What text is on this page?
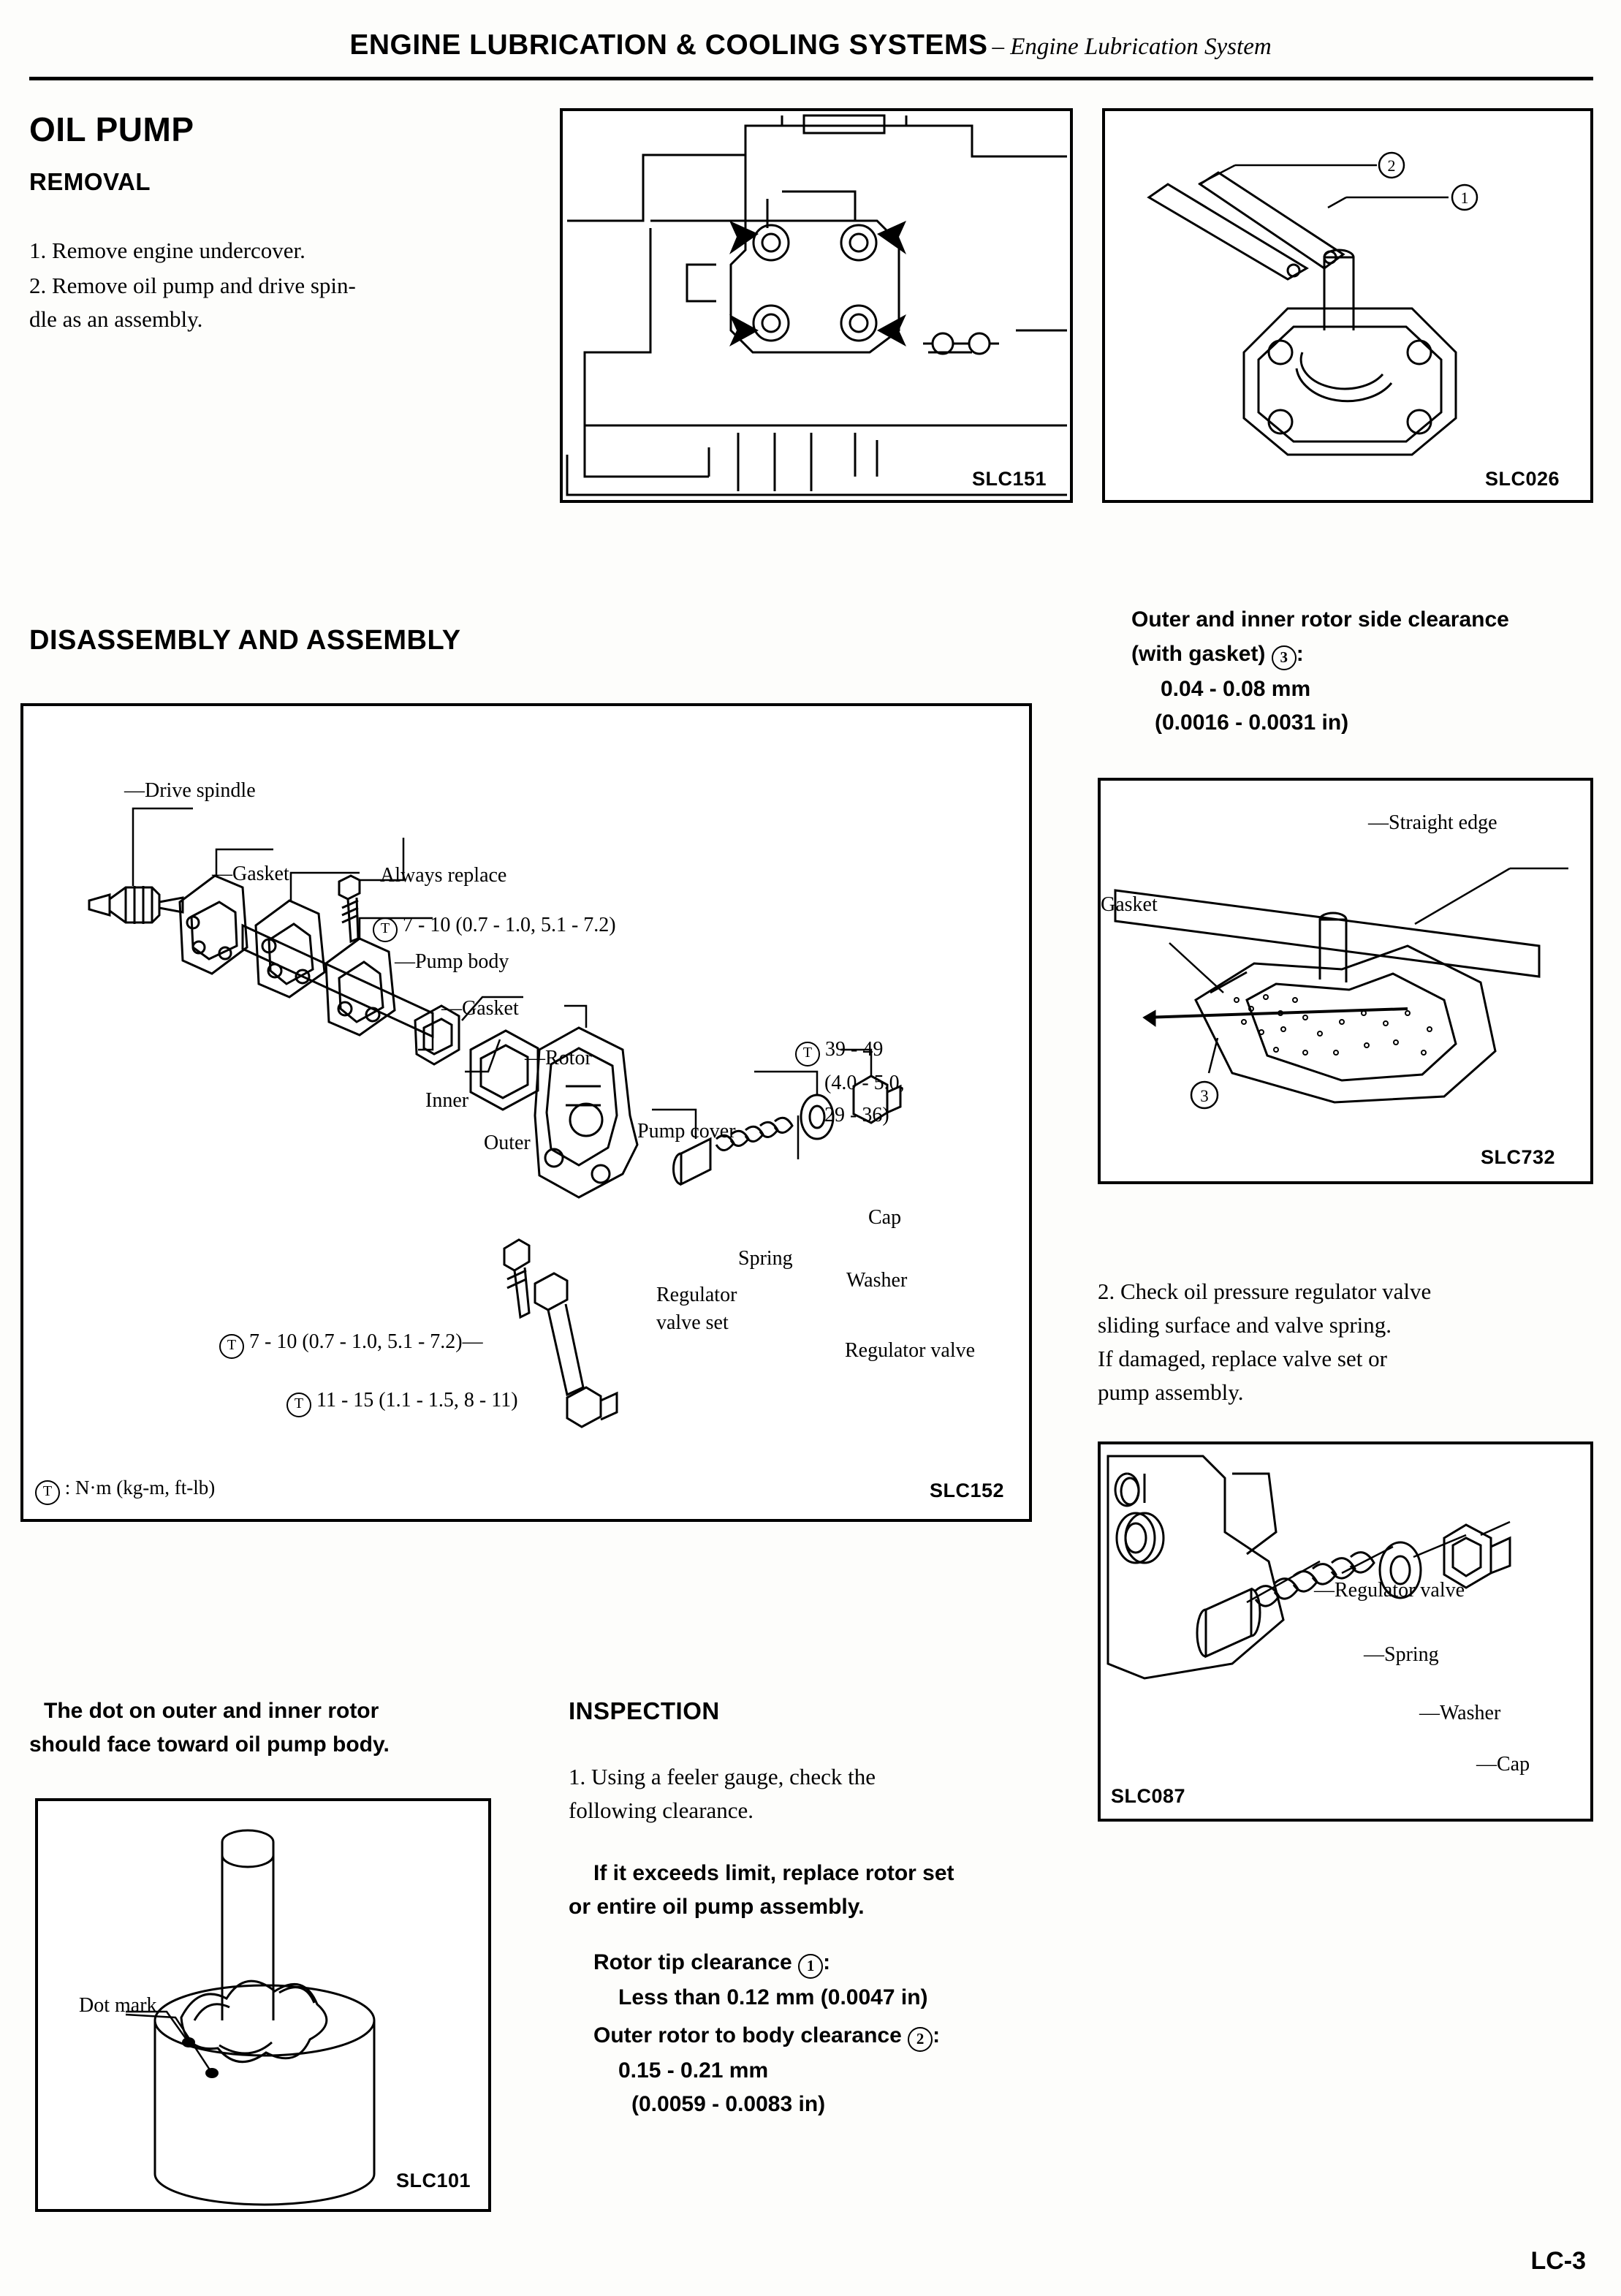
ENGINE LUBRICATION & COOLING SYSTEMS – Engine Lubrication System
OIL PUMP
REMOVAL
1. Remove engine undercover.
2. Remove oil pump and drive spin-
dle as an assembly.
SLC151
2
1
SLC026
DISASSEMBLY AND ASSEMBLY
Outer and inner rotor side clearance
(with gasket) 3 :
0.04 - 0.08 mm
(0.0016 - 0.0031 in)
—Drive spindle
—Gasket	Always replace
T 7 - 10 (0.7 - 1.0, 5.1 - 7.2)
—Pump body
—Gasket
—Rotor
Inner
Outer
Pump cover
T 39 - 49
(4.0 - 5.0,
29 - 36)
Cap
Spring
Washer
Regulator
valve set
Regulator valve
T 7 - 10 (0.7 - 1.0, 5.1 - 7.2)—
T 11 - 15 (1.1 - 1.5, 8 - 11)
T : N·m (kg-m, ft-lb)	SLC152
3
—Straight edge
Gasket
SLC732
2. Check oil pressure regulator valve
sliding surface and valve spring.
If damaged, replace valve set or
pump assembly.
—Regulator valve
—Spring
—Washer
—Cap
SLC087
The dot on outer and inner rotor
should face toward oil pump body.
INSPECTION
1. Using a feeler gauge, check the
following clearance.
If it exceeds limit, replace rotor set
or entire oil pump assembly.
Rotor tip clearance 1 :
Less than 0.12 mm (0.0047 in)
Outer rotor to body clearance 2 :
0.15 - 0.21 mm
(0.0059 - 0.0083 in)
Dot mark
SLC101
LC-3
